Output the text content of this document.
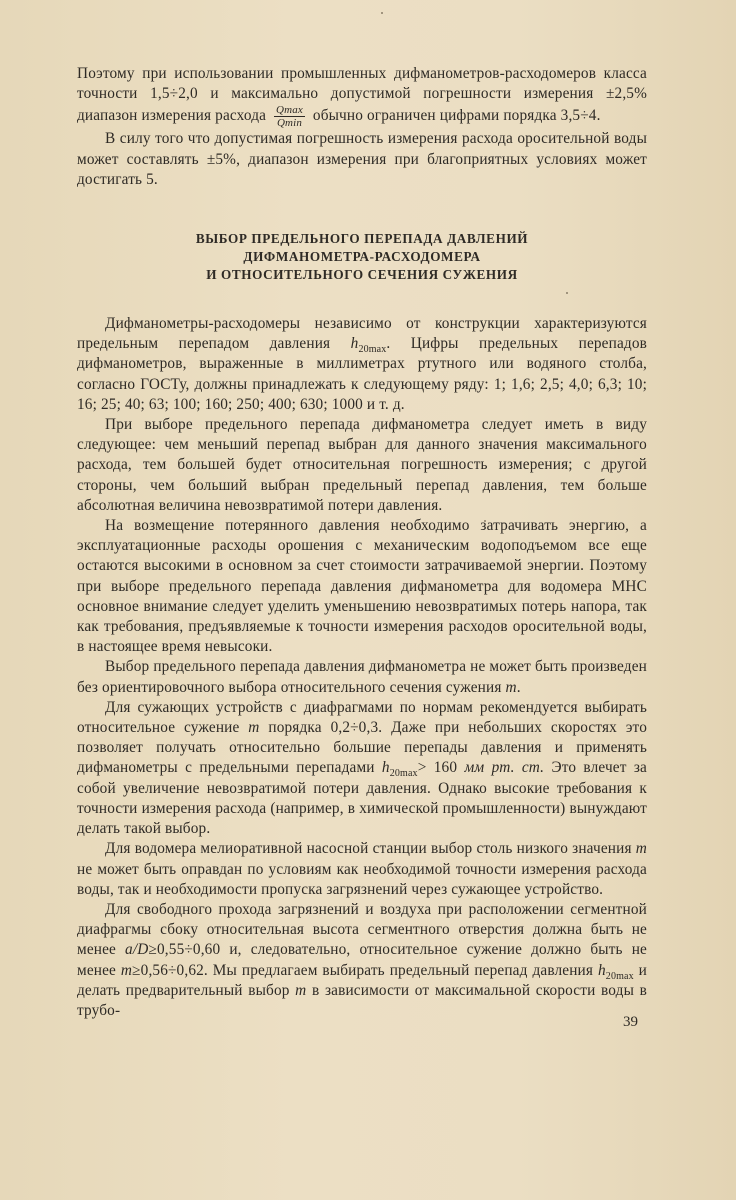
Поэтому при использовании промышленных дифманометров-расходомеров класса точности 1,5÷2,0 и максимально допустимой погрешности измерения ±2,5% диапазон измерения расхода $\frac{Qmax}{Qmin}$ обычно ограничен цифрами порядка 3,5÷4.

В силу того что допустимая погрешность измерения расхода оросительной воды может составлять ±5%, диапазон измерения при благоприятных условиях может достигать 5.

ВЫБОР ПРЕДЕЛЬНОГО ПЕРЕПАДА ДАВЛЕНИЙ
ДИФМАНОМЕТРА-РАСХОДОМЕРА
И ОТНОСИТЕЛЬНОГО СЕЧЕНИЯ СУЖЕНИЯ

Дифманометры-расходомеры независимо от конструкции характеризуются предельным перепадом давления $h_{20max}$. Цифры предельных перепадов дифманометров, выраженные в миллиметрах ртутного или водяного столба, согласно ГОСТу, должны принадлежать к следующему ряду: 1; 1,6; 2,5; 4,0; 6,3; 10; 16; 25; 40; 63; 100; 160; 250; 400; 630; 1000 и т. д.

При выборе предельного перепада дифманометра следует иметь в виду следующее: чем меньший перепад выбран для данного значения максимального расхода, тем большей будет относительная погрешность измерения; с другой стороны, чем больший выбран предельный перепад давления, тем больше абсолютная величина невозвратимой потери давления.

На возмещение потерянного давления необходимо затрачивать энергию, а эксплуатационные расходы орошения с механическим водоподъемом все еще остаются высокими в основном за счет стоимости затрачиваемой энергии. Поэтому при выборе предельного перепада давления дифманометра для водомера МНС основное внимание следует уделить уменьшению невозвратимых потерь напора, так как требования, предъявляемые к точности измерения расходов оросительной воды, в настоящее время невысоки.

Выбор предельного перепада давления дифманометра не может быть произведен без ориентировочного выбора относительного сечения сужения m.

Для сужающих устройств с диафрагмами по нормам рекомендуется выбирать относительное сужение m порядка 0,2÷0,3. Даже при небольших скоростях это позволяет получать относительно большие перепады давления и применять дифманометры с предельными перепадами $h_{20max}> 160$ мм рт. ст. Это влечет за собой увеличение невозвратимой потери давления. Однако высокие требования к точности измерения расхода (например, в химической промышленности) вынуждают делать такой выбор.

Для водомера мелиоративной насосной станции выбор столь низкого значения m не может быть оправдан по условиям как необходимой точности измерения расхода воды, так и необходимости пропуска загрязнений через сужающее устройство.

Для свободного прохода загрязнений и воздуха при расположении сегментной диафрагмы сбоку относительная высота сегментного отверстия должна быть не менее a/D≥0,55÷0,60 и, следовательно, относительное сужение должно быть не менее m≥0,56÷0,62. Мы предлагаем выбирать предельный перепад давления $h_{20max}$ и делать предварительный выбор m в зависимости от максимальной скорости воды в трубо-

39
